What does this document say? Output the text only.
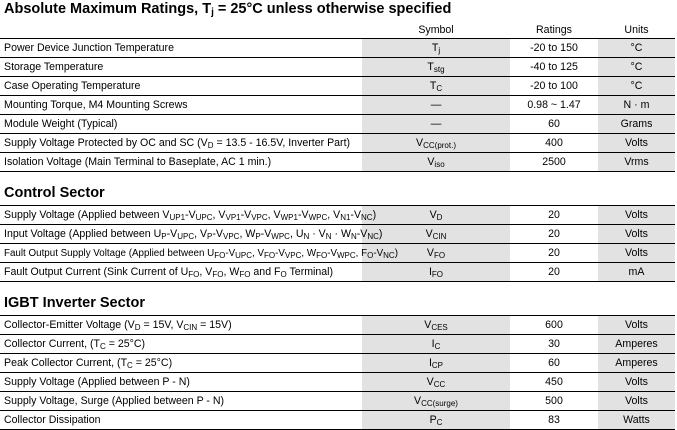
Absolute Maximum Ratings, $T_j = 25^\circ C$ unless otherwise specified
	Symbol	Ratings	Units
Power Device Junction Temperature	$T_j$	-20 to 150	°C
Storage Temperature	$T_{stg}$	-40 to 125	°C
Case Operating Temperature	$T_C$	-20 to 100	°C
Mounting Torque, M4 Mounting Screws	—	0.98 ~ 1.47	N · m
Module Weight (Typical)	—	60	Grams
Supply Voltage Protected by OC and SC ($V_D = 13.5 - 16.5V$, Inverter Part)	$V_{CC(prot.)}$	400	Volts
Isolation Voltage (Main Terminal to Baseplate, AC 1 min.)	$V_{iso}$	2500	Vrms
Control Sector
Supply Voltage (Applied between $V_{UP1}-V_{UPC}$, $V_{VP1}-V_{VPC}$, $V_{WP1}-V_{WPC}$, $V_{N1}-V_{NC}$)	$V_D$	20	Volts
Input Voltage (Applied between $U_P-V_{UPC}$, $V_P-V_{VPC}$, $W_P-V_{WPC}$, $U_N \cdot V_N \cdot W_N-V_{NC}$)	$V_{CIN}$	20	Volts
Fault Output Supply Voltage (Applied between $U_{FO}-V_{UPC}$, $V_{FO}-V_{VPC}$, $W_{FO}-V_{WPC}$, $F_O-V_{NC}$)	$V_{FO}$	20	Volts
Fault Output Current (Sink Current of $U_{FO}$, $V_{FO}$, $W_{FO}$ and $F_O$ Terminal)	$I_{FO}$	20	mA
IGBT Inverter Sector
Collector-Emitter Voltage ($V_D = 15V$, $V_{CIN} = 15V$)	$V_{CES}$	600	Volts
Collector Current, $(T_C = 25^\circ C)$	$I_C$	30	Amperes
Peak Collector Current, $(T_C = 25^\circ C)$	$I_{CP}$	60	Amperes
Supply Voltage (Applied between P - N)	$V_{CC}$	450	Volts
Supply Voltage, Surge (Applied between P - N)	$V_{CC(surge)}$	500	Volts
Collector Dissipation	$P_C$	83	Watts
